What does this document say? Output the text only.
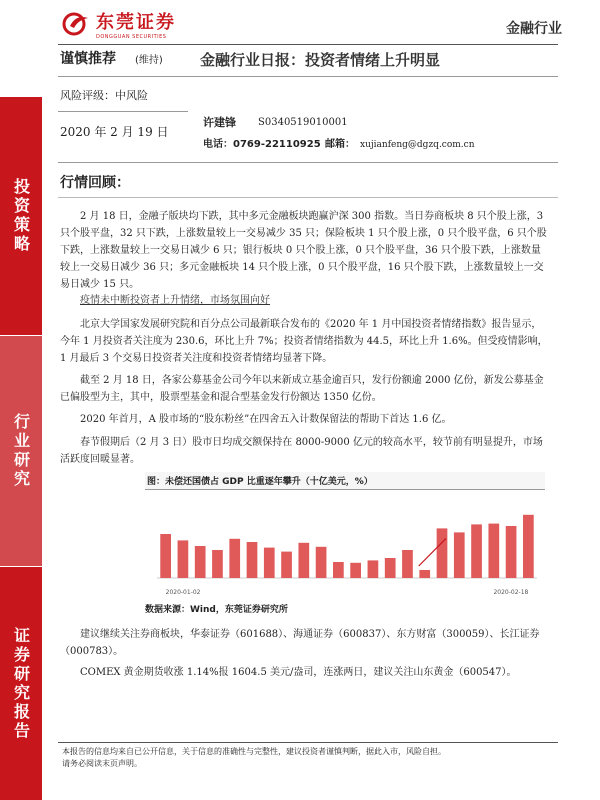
投资策略
行业研究
证券研究报告
东莞证券
DONGGUAN SECURITIES	金融行业
谨慎推荐 (维持) 金融行业日报：投资者情绪上升明显
风险评级：中风险
2020 年 2 月 19 日
许建锋 S0340519010001
电话：0769-22110925 邮箱： xujianfeng@dgzq.com.cn
行情回顾：
2 月 18 日，金融子版块均下跌，其中多元金融板块跑赢沪深 300 指数。当日券商板块 8 只个股上涨，3 只个股平盘，32 只下跌，上涨数量较上一交易减少 35 只；保险板块 1 只个股上涨，0 只个股平盘，6 只个股下跌，上涨数量较上一交易日减少 6 只；银行板块 0 只个股上涨，0 只个股平盘，36 只个股下跌，上涨数量较上一交易日减少 36 只；多元金融板块 14 只个股上涨，0 只个股平盘，16 只个股下跌，上涨数量较上一交易日减少 15 只。
疫情未中断投资者上升情绪，市场氛围向好
北京大学国家发展研究院和百分点公司最新联合发布的《2020 年 1 月中国投资者情绪指数》报告显示，今年 1 月投资者关注度为 230.6，环比上升 7%；投资者情绪指数为 44.5，环比上升 1.6%。但受疫情影响，1 月最后 3 个交易日投资者关注度和投资者情绪均显著下降。
截至 2 月 18 日，各家公募基金公司今年以来新成立基金逾百只，发行份额逾 2000 亿份，新发公募基金已偏股型为主，其中，股票型基金和混合型基金发行份额达 1350 亿份。
2020 年首月，A 股市场的“股东粉丝”在四舍五入计数保留法的帮助下首达 1.6 亿。
春节假期后（2 月 3 日）股市日均成交额保持在 8000-9000 亿元的较高水平，较节前有明显提升，市场活跃度回暖显著。
图：未偿还国债占 GDP 比重逐年攀升（十亿美元，%）
2020-01-02	2020-02-18
数据来源：Wind，东莞证券研究所
建议继续关注券商板块，华泰证券（601688）、海通证券（600837）、东方财富（300059）、长江证券（000783）。
COMEX 黄金期货收涨 1.14%报 1604.5 美元/盎司，连涨两日，建议关注山东黄金（600547）。
本报告的信息均来自已公开信息，关于信息的准确性与完整性，建议投资者谨慎判断，据此入市，风险自担。
请务必阅读末页声明。
